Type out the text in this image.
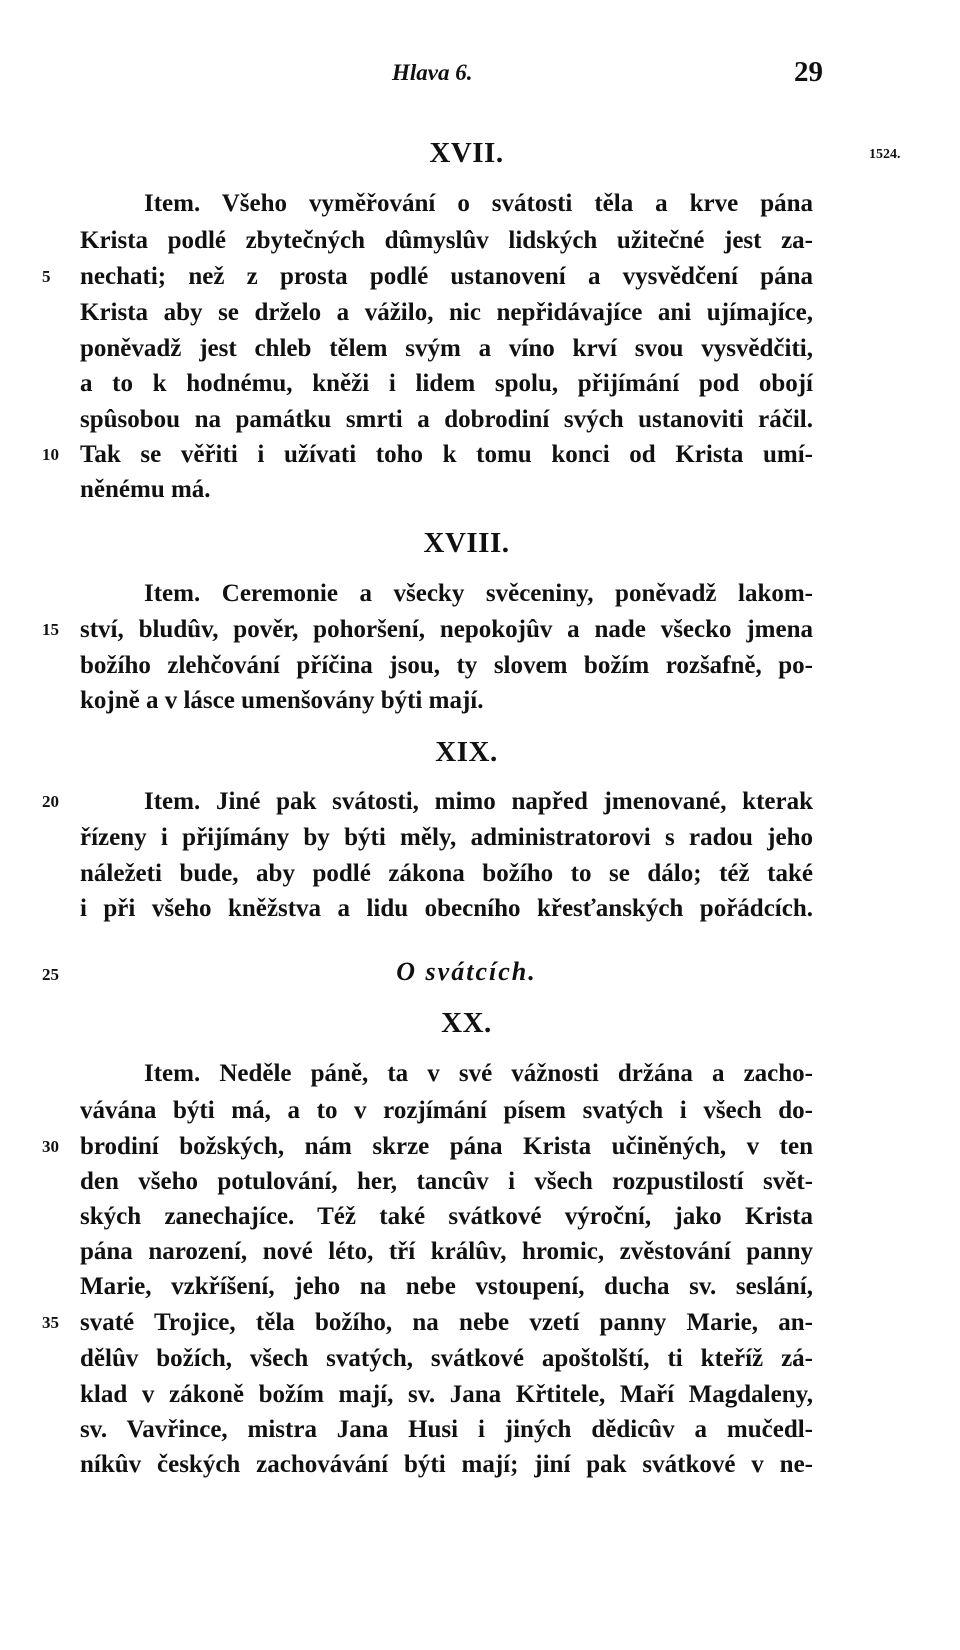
Hlava 6.	29
1524.
XVII.
Item. Všeho vyměřování o svátosti těla a krve pána
Krista podlé zbytečných dûmyslûv lidských užitečné jest za-
nechati; než z prosta podlé ustanovení a vysvědčení pána
Krista aby se drželo a vážilo, nic nepřidávajíce ani ujímajíce,
poněvadž jest chleb tělem svým a víno krví svou vysvědčiti,
a to k hodnému, kněži i lidem spolu, přijímání pod obojí
spûsobou na památku smrti a dobrodiní svých ustanoviti ráčil.
Tak se věřiti i užívati toho k tomu konci od Krista umí-
něnému má.
XVIII.
Item. Ceremonie a všecky svěceniny, poněvadž lakom-
ství, bludûv, pověr, pohoršení, nepokojûv a nade všecko jmena
božího zlehčování příčina jsou, ty slovem božím rozšafně, po-
kojně a v lásce umenšovány býti mají.
XIX.
Item. Jiné pak svátosti, mimo napřed jmenované, kterak
řízeny i přijímány by býti měly, administratorovi s radou jeho
náležeti bude, aby podlé zákona božího to se dálo; též také
i při všeho kněžstva a lidu obecního křesťanských pořádcích.
O svátcích.
XX.
Item. Neděle páně, ta v své vážnosti držána a zacho-
vávána býti má, a to v rozjímání písem svatých i všech do-
brodiní božských, nám skrze pána Krista učiněných, v ten
den všeho potulování, her, tancûv i všech rozpustilostí svět-
ských zanechajíce. Též také svátkové výroční, jako Krista
pána narození, nové léto, tří králûv, hromic, zvěstování panny
Marie, vzkříšení, jeho na nebe vstoupení, ducha sv. seslání,
svaté Trojice, těla božího, na nebe vzetí panny Marie, an-
dělûv božích, všech svatých, svátkové apoštolští, ti kteříž zá-
klad v zákoně božím mají, sv. Jana Křtitele, Maří Magdaleny,
sv. Vavřince, mistra Jana Husi i jiných dědicûv a mučedl-
níkûv českých zachovávání býti mají; jiní pak svátkové v ne-
5
10
15
20
25
30
35
